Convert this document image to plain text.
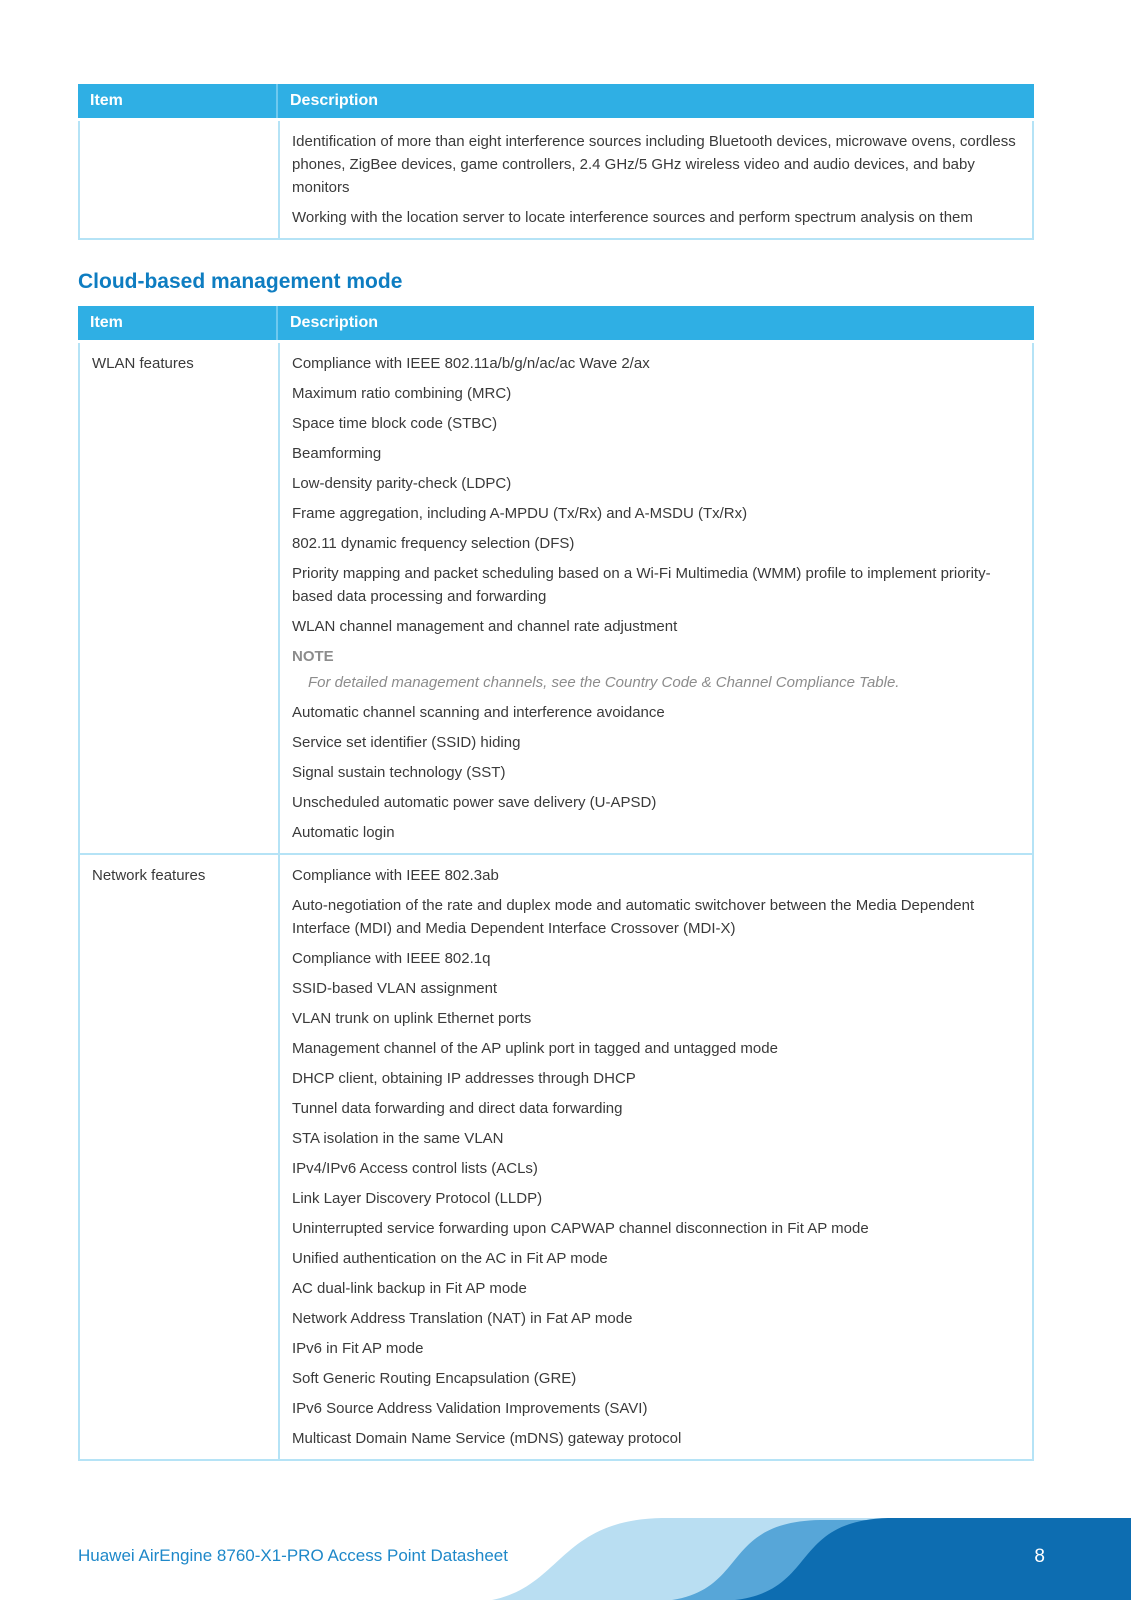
Item	Description

Identification of more than eight interference sources including Bluetooth devices, microwave ovens, cordless phones, ZigBee devices, game controllers, 2.4 GHz/5 GHz wireless video and audio devices, and baby monitors

Working with the location server to locate interference sources and perform spectrum analysis on them

Cloud-based management mode
Item	Description
WLAN features	Compliance with IEEE 802.11a/b/g/n/ac/ac Wave 2/ax

Maximum ratio combining (MRC)

Space time block code (STBC)

Beamforming

Low-density parity-check (LDPC)

Frame aggregation, including A-MPDU (Tx/Rx) and A-MSDU (Tx/Rx)

802.11 dynamic frequency selection (DFS)

Priority mapping and packet scheduling based on a Wi-Fi Multimedia (WMM) profile to implement priority-based data processing and forwarding

WLAN channel management and channel rate adjustment

NOTE

For detailed management channels, see the Country Code & Channel Compliance Table.

Automatic channel scanning and interference avoidance

Service set identifier (SSID) hiding

Signal sustain technology (SST)

Unscheduled automatic power save delivery (U-APSD)

Automatic login

Network features	Compliance with IEEE 802.3ab

Auto-negotiation of the rate and duplex mode and automatic switchover between the Media Dependent Interface (MDI) and Media Dependent Interface Crossover (MDI-X)

Compliance with IEEE 802.1q

SSID-based VLAN assignment

VLAN trunk on uplink Ethernet ports

Management channel of the AP uplink port in tagged and untagged mode

DHCP client, obtaining IP addresses through DHCP

Tunnel data forwarding and direct data forwarding

STA isolation in the same VLAN

IPv4/IPv6 Access control lists (ACLs)

Link Layer Discovery Protocol (LLDP)

Uninterrupted service forwarding upon CAPWAP channel disconnection in Fit AP mode

Unified authentication on the AC in Fit AP mode

AC dual-link backup in Fit AP mode

Network Address Translation (NAT) in Fat AP mode

IPv6 in Fit AP mode

Soft Generic Routing Encapsulation (GRE)

IPv6 Source Address Validation Improvements (SAVI)

Multicast Domain Name Service (mDNS) gateway protocol

Huawei AirEngine 8760-X1-PRO Access Point Datasheet	8
